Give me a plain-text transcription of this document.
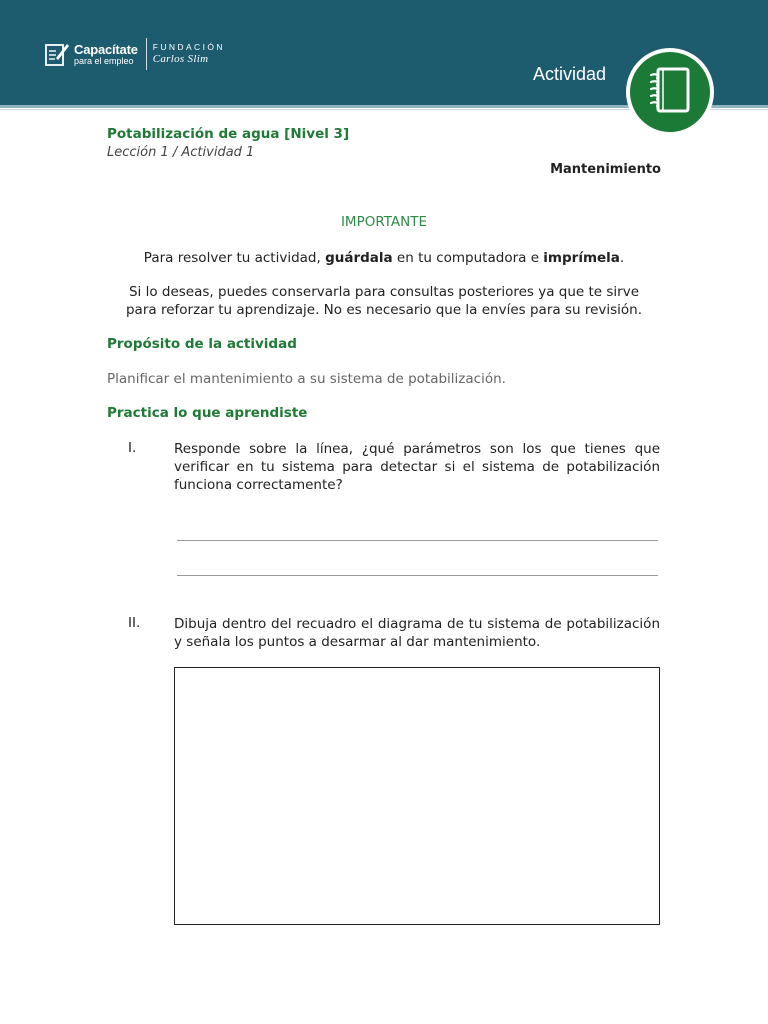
Capacítate
para el empleo
FUNDACIÓN
Carlos Slim
Actividad
Potabilización de agua [Nivel 3]
Lección 1 / Actividad 1
Mantenimiento
IMPORTANTE
Para resolver tu actividad, guárdala en tu computadora e imprímela.
Si lo deseas, puedes conservarla para consultas posteriores ya que te sirve para reforzar tu aprendizaje. No es necesario que la envíes para su revisión.
Propósito de la actividad
Planificar el mantenimiento a su sistema de potabilización.
Practica lo que aprendiste
I.	Responde sobre la línea, ¿qué parámetros son los que tienes que verificar en tu sistema para detectar si el sistema de potabilización funciona correctamente?
II. Dibuja dentro del recuadro el diagrama de tu sistema de potabilización y señala los puntos a desarmar al dar mantenimiento.
